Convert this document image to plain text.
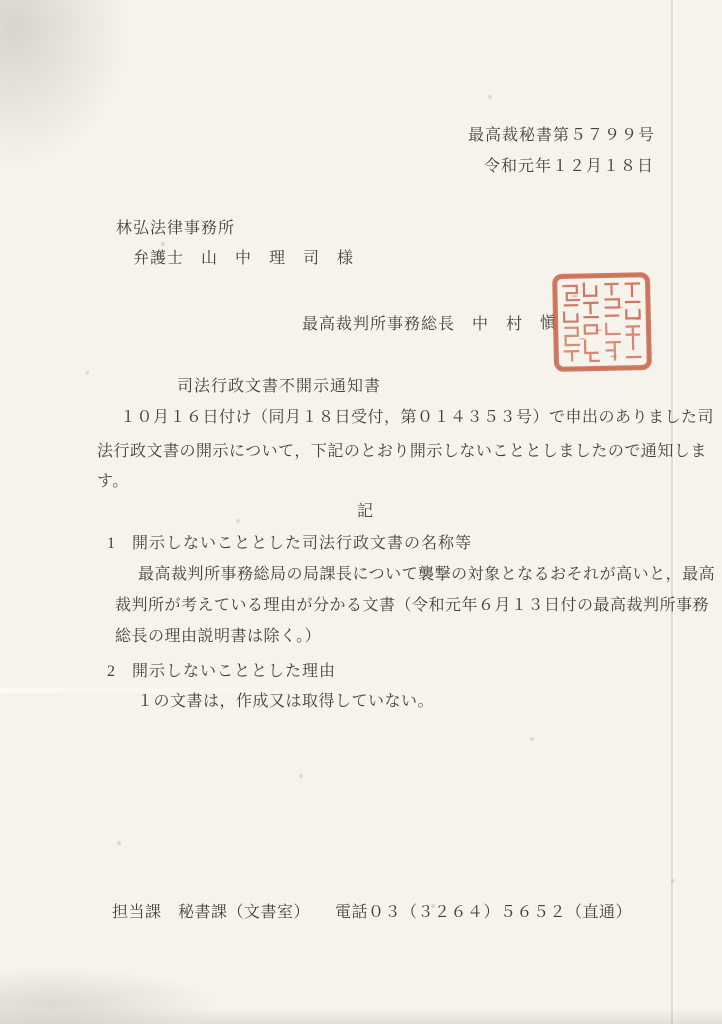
最高裁秘書第５７９９号
令和元年１２月１８日
林弘法律事務所
弁護士　山　中　理　司　様
最高裁判所事務総長　中　村 愼
司法行政文書不開示通知書
１０月１６日付け（同月１８日受付，第０１４３５３号）で申出のありました司
法行政文書の開示について，下記のとおり開示しないこととしましたので通知しま
す。
記
1 開示しないこととした司法行政文書の名称等
最高裁判所事務総局の局課長について襲撃の対象となるおそれが高いと，最高
裁判所が考えている理由が分かる文書（令和元年６月１３日付の最高裁判所事務
総長の理由説明書は除く。）
2 開示しないこととした理由
１の文書は，作成又は取得していない。
担当課　秘書課（文書室）　　電話０３（３２６４）５６５２（直通）
